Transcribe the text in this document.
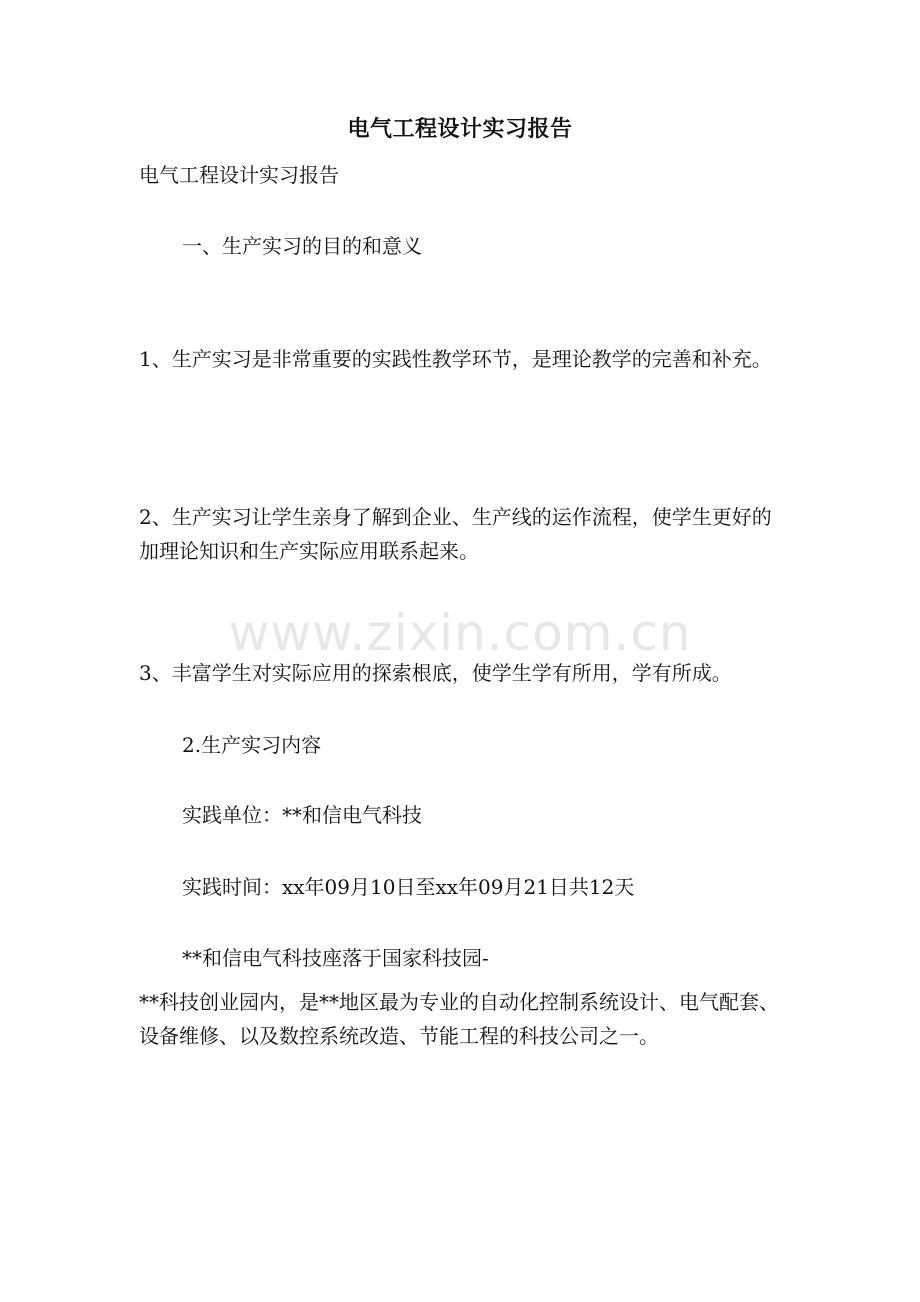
电气工程设计实习报告
电气工程设计实习报告
一、生产实习的目的和意义
1、生产实习是非常重要的实践性教学环节，是理论教学的完善和补充。
2、生产实习让学生亲身了解到企业、生产线的运作流程，使学生更好的加理论知识和生产实际应用联系起来。
3、丰富学生对实际应用的探索根底，使学生学有所用，学有所成。
2.生产实习内容
实践单位：**和信电气科技
实践时间：xx年09月10日至xx年09月21日共12天
**和信电气科技座落于国家科技园-
**科技创业园内，是**地区最为专业的自动化控制系统设计、电气配套、设备维修、以及数控系统改造、节能工程的科技公司之一。
www.zixin.com.cn
